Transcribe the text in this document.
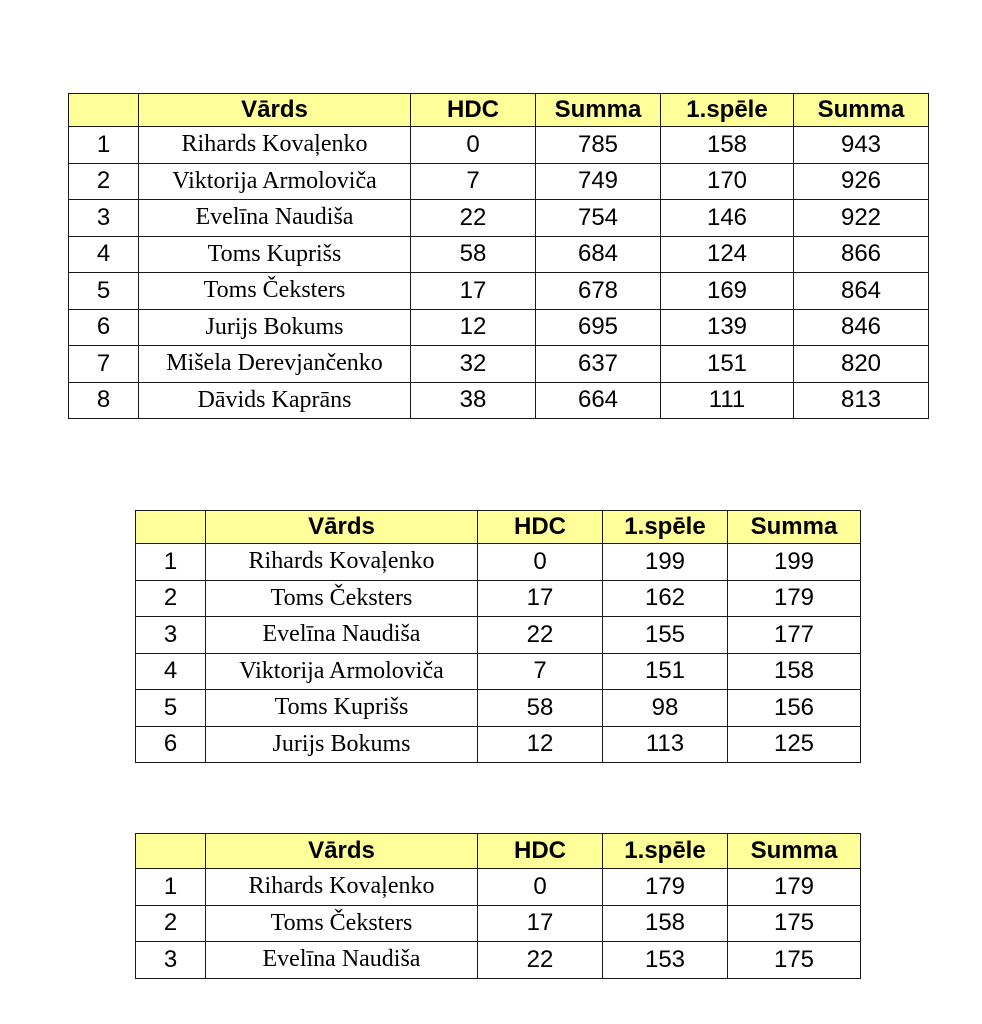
	Vārds	HDC	Summa	1.spēle	Summa
1	Rihards Kovaļenko	0	785	158	943
2	Viktorija Armoloviča	7	749	170	926
3	Evelīna Naudiša	22	754	146	922
4	Toms Kuprišs	58	684	124	866
5	Toms Čeksters	17	678	169	864
6	Jurijs Bokums	12	695	139	846
7	Mišela Derevjančenko	32	637	151	820
8	Dāvids Kaprāns	38	664	111	813
	Vārds	HDC	1.spēle	Summa
1	Rihards Kovaļenko	0	199	199
2	Toms Čeksters	17	162	179
3	Evelīna Naudiša	22	155	177
4	Viktorija Armoloviča	7	151	158
5	Toms Kuprišs	58	98	156
6	Jurijs Bokums	12	113	125
	Vārds	HDC	1.spēle	Summa
1	Rihards Kovaļenko	0	179	179
2	Toms Čeksters	17	158	175
3	Evelīna Naudiša	22	153	175
